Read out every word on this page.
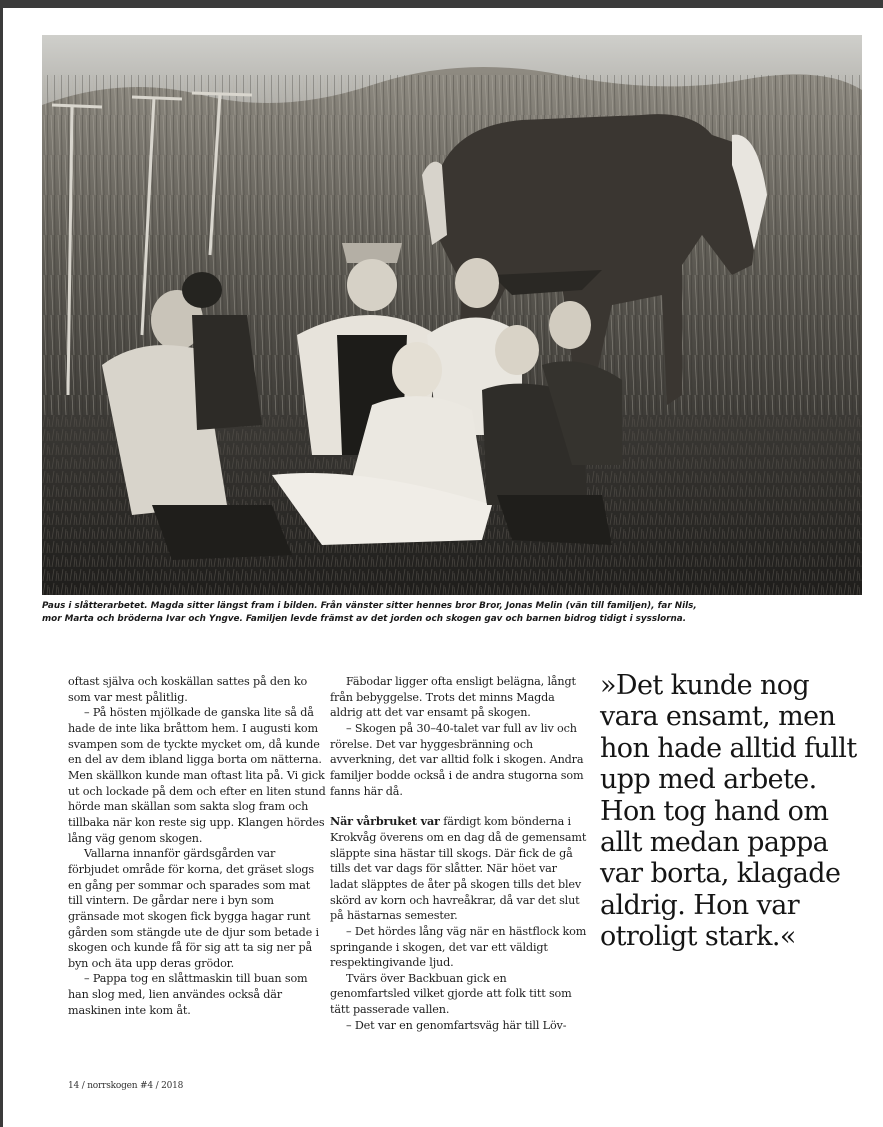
Paus i slåtterarbetet. Magda sitter längst fram i bilden. Från vänster sitter hennes bror Bror, Jonas Melin (vän till familjen), far Nils,
mor Marta och bröderna Ivar och Yngve. Familjen levde främst av det jorden och skogen gav och barnen bidrog tidigt i sysslorna.

oftast själva och koskällan sattes på den ko som var mest pålitlig.

– På hösten mjölkade de ganska lite så då hade de inte lika bråttom hem. I augusti kom svampen som de tyckte mycket om, då kunde en del av dem ibland ligga borta om nätterna. Men skällkon kunde man oftast lita på. Vi gick ut och lockade på dem och efter en liten stund hörde man skällan som sakta slog fram och tillbaka när kon reste sig upp. Klangen hördes lång väg genom skogen.

Vallarna innanför gärdsgården var förbjudet område för korna, det gräset slogs en gång per sommar och sparades som mat till vintern. De gårdar nere i byn som gränsade mot skogen fick bygga hagar runt gården som stängde ute de djur som betade i skogen och kunde få för sig att ta sig ner på byn och äta upp deras grödor.

– Pappa tog en slåttmaskin till buan som han slog med, lien användes också där maskinen inte kom åt.

Fäbodar ligger ofta ensligt belägna, långt från bebyggelse. Trots det minns Magda aldrig att det var ensamt på skogen.

– Skogen på 30–40-talet var full av liv och rörelse. Det var hyggesbränning och avverkning, det var alltid folk i skogen. Andra familjer bodde också i de andra stugorna som fanns här då.

När vårbruket var färdigt kom bönderna i Krokvåg överens om en dag då de gemensamt släppte sina hästar till skogs. Där fick de gå tills det var dags för slåtter. När höet var ladat släpptes de åter på skogen tills det blev skörd av korn och havreåkrar, då var det slut på hästarnas semester.

– Det hördes lång väg när en hästflock kom springande i skogen, det var ett väldigt respektingivande ljud.

Tvärs över Backbuan gick en genomfartsled vilket gjorde att folk titt som tätt passerade vallen.

– Det var en genomfartsväg här till Löv-

»Det kunde nog vara ensamt, men hon hade alltid fullt upp med arbete. Hon tog hand om allt medan pappa var borta, klagade aldrig. Hon var otroligt stark.«
14 / norrskogen #4 / 2018
